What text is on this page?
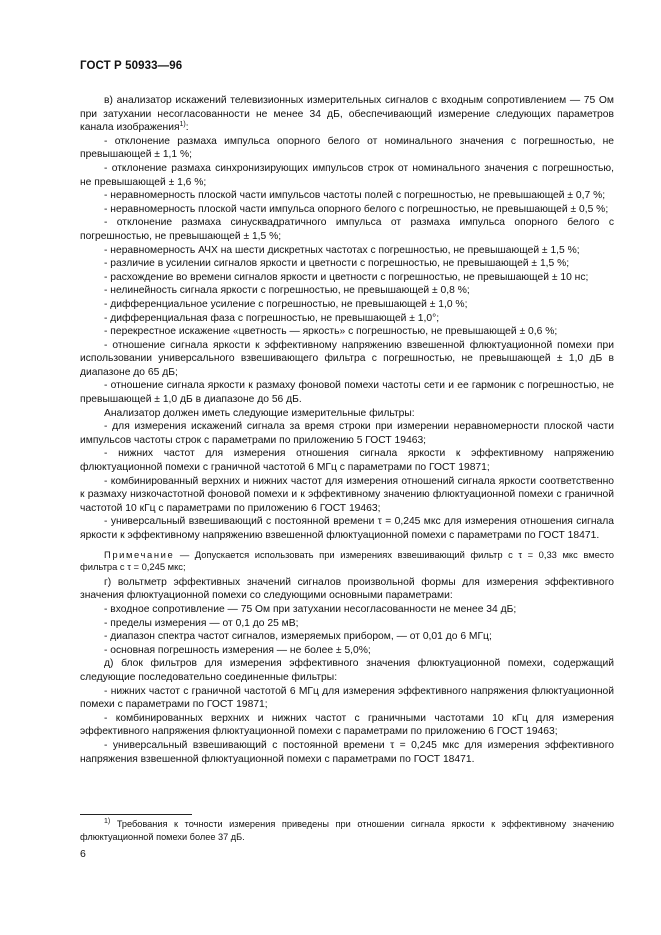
ГОСТ Р 50933—96

в) анализатор искажений телевизионных измерительных сигналов с входным сопротивлением — 75 Ом при затухании несогласованности не менее 34 дБ, обеспечивающий измерение следующих параметров канала изображения$^{1)}$:

- отклонение размаха импульса опорного белого от номинального значения с погрешностью, не превышающей ± 1,1 %;

- отклонение размаха синхронизирующих импульсов строк от номинального значения с погрешностью, не превышающей ± 1,6 %;

- неравномерность плоской части импульсов частоты полей с погрешностью, не превышающей ± 0,7 %;

- неравномерность плоской части импульса опорного белого с погрешностью, не превышающей ± 0,5 %;

- отклонение размаха синусквадратичного импульса от размаха импульса опорного белого с погрешностью, не превышающей ± 1,5 %;

- неравномерность АЧХ на шести дискретных частотах с погрешностью, не превышающей ± 1,5 %;

- различие в усилении сигналов яркости и цветности с погрешностью, не превышающей ± 1,5 %;

- расхождение во времени сигналов яркости и цветности с погрешностью, не превышающей ± 10 нс;

- нелинейность сигнала яркости с погрешностью, не превышающей ± 0,8 %;

- дифференциальное усиление с погрешностью, не превышающей ± 1,0 %;

- дифференциальная фаза с погрешностью, не превышающей ± 1,0°;

- перекрестное искажение «цветность — яркость» с погрешностью, не превышающей ± 0,6 %;

- отношение сигнала яркости к эффективному напряжению взвешенной флюктуационной помехи при использовании универсального взвешивающего фильтра с погрешностью, не превышающей ± 1,0 дБ в диапазоне до 65 дБ;

- отношение сигнала яркости к размаху фоновой помехи частоты сети и ее гармоник с погрешностью, не превышающей ± 1,0 дБ в диапазоне до 56 дБ.

Анализатор должен иметь следующие измерительные фильтры:

- для измерения искажений сигнала за время строки при измерении неравномерности плоской части импульсов частоты строк с параметрами по приложению 5 ГОСТ 19463;

- нижних частот для измерения отношения сигнала яркости к эффективному напряжению флюктуационной помехи с граничной частотой 6 МГц с параметрами по ГОСТ 19871;

- комбинированный верхних и нижних частот для измерения отношений сигнала яркости соответственно к размаху низкочастотной фоновой помехи и к эффективному значению флюктуационной помехи с граничной частотой 10 кГц с параметрами по приложению 6 ГОСТ 19463;

- универсальный взвешивающий с постоянной времени τ = 0,245 мкс для измерения отношения сигнала яркости к эффективному напряжению взвешенной флюктуационной помехи с параметрами по ГОСТ 18471.

Примечание — Допускается использовать при измерениях взвешивающий фильтр с τ = 0,33 мкс вместо фильтра с τ = 0,245 мкс;

г) вольтметр эффективных значений сигналов произвольной формы для измерения эффективного значения флюктуационной помехи со следующими основными параметрами:

- входное сопротивление — 75 Ом при затухании несогласованности не менее 34 дБ;

- пределы измерения — от 0,1 до 25 мВ;

- диапазон спектра частот сигналов, измеряемых прибором, — от 0,01 до 6 МГц;

- основная погрешность измерения — не более ± 5,0%;

д) блок фильтров для измерения эффективного значения флюктуационной помехи, содержащий следующие последовательно соединенные фильтры:

- нижних частот с граничной частотой 6 МГц для измерения эффективного напряжения флюктуационной помехи с параметрами по ГОСТ 19871;

- комбинированных верхних и нижних частот с граничными частотами 10 кГц для измерения эффективного напряжения флюктуационной помехи с параметрами по приложению 6 ГОСТ 19463;

- универсальный взвешивающий с постоянной времени τ = 0,245 мкс для измерения эффективного напряжения взвешенной флюктуационной помехи с параметрами по ГОСТ 18471.

$^{1)}$ Требования к точности измерения приведены при отношении сигнала яркости к эффективному значению флюктуационной помехи более 37 дБ.
6
